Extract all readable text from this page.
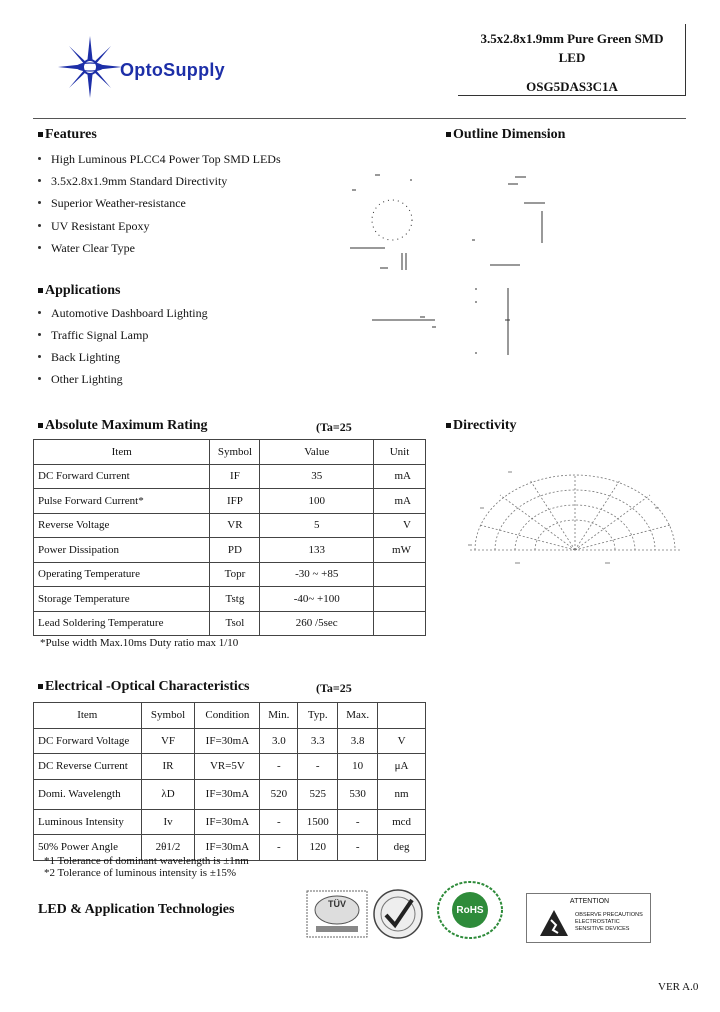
OptoSupply
3.5x2.8x1.9mm Pure Green SMD
LED
OSG5DAS3C1A
Features
High Luminous PLCC4 Power Top SMD LEDs
3.5x2.8x1.9mm Standard Directivity
Superior Weather-resistance
UV Resistant Epoxy
Water Clear Type
Outline Dimension
Applications
Automotive Dashboard Lighting
Traffic Signal Lamp
Back Lighting
Other Lighting
Absolute Maximum Rating	(Ta=25
Item	Symbol	Value	Unit
DC Forward Current	IF	35	mA
Pulse Forward Current*	IFP	100	mA
Reverse Voltage	VR	5	V
Power Dissipation	PD	133	mW
Operating Temperature	Topr	-30 ~ +85	
Storage Temperature	Tstg	-40~ +100	
Lead Soldering Temperature	Tsol	260 /5sec	
*Pulse width Max.10ms Duty ratio max 1/10
Directivity
Electrical -Optical Characteristics	(Ta=25
Item	Symbol	Condition	Min.	Typ.	Max.	
DC Forward Voltage	VF	IF=30mA	3.0	3.3	3.8	V
DC Reverse Current	IR	VR=5V	-	-	10	μA
Domi. Wavelength	λD	IF=30mA	520	525	530	nm
Luminous Intensity	Iv	IF=30mA	-	1500	-	mcd
50% Power Angle	2θ1/2	IF=30mA	-	120	-	deg
*1 Tolerance of dominant wavelength is ±1nm
*2 Tolerance of luminous intensity is ±15%
LED & Application Technologies	TÜV
RoHS
ATTENTION
OBSERVE PRECAUTIONS
ELECTROSTATIC
SENSITIVE DEVICES
VER A.0
